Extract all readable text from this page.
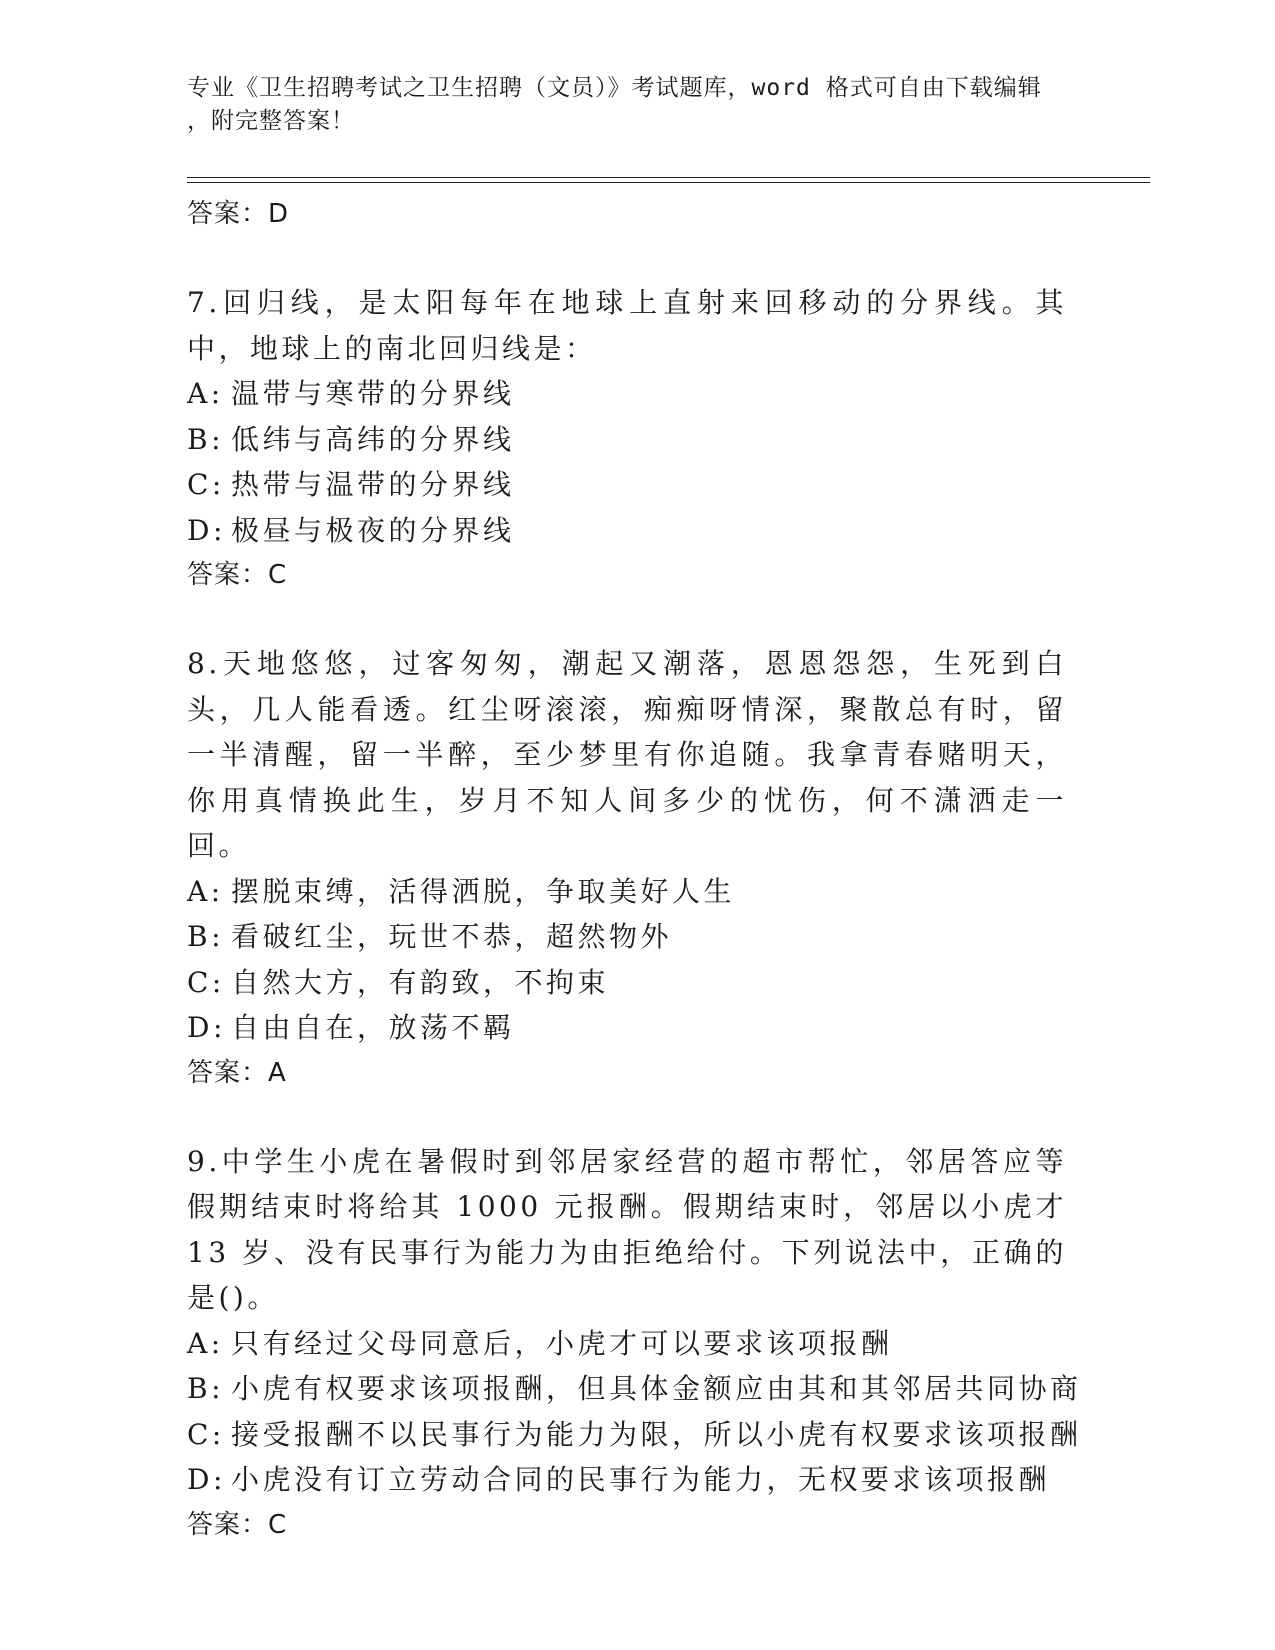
专业《卫生招聘考试之卫生招聘（文员）》考试题库，word 格式可自由下载编辑
，附完整答案！
答案：D
7.回归线，是太阳每年在地球上直射来回移动的分界线。其中，地球上的南北回归线是：
A: 温带与寒带的分界线
B: 低纬与高纬的分界线
C: 热带与温带的分界线
D: 极昼与极夜的分界线
答案：C
8.天地悠悠，过客匆匆，潮起又潮落，恩恩怨怨，生死到白头，几人能看透。红尘呀滚滚，痴痴呀情深，聚散总有时，留一半清醒，留一半醉，至少梦里有你追随。我拿青春赌明天，你用真情换此生，岁月不知人间多少的忧伤，何不潇洒走一回。
A: 摆脱束缚，活得洒脱，争取美好人生
B: 看破红尘，玩世不恭，超然物外
C: 自然大方，有韵致，不拘束
D: 自由自在，放荡不羁
答案：A
9.中学生小虎在暑假时到邻居家经营的超市帮忙，邻居答应等假期结束时将给其 1000 元报酬。假期结束时，邻居以小虎才 13 岁、没有民事行为能力为由拒绝给付。下列说法中，正确的是()。
A: 只有经过父母同意后，小虎才可以要求该项报酬
B: 小虎有权要求该项报酬，但具体金额应由其和其邻居共同协商
C: 接受报酬不以民事行为能力为限，所以小虎有权要求该项报酬
D: 小虎没有订立劳动合同的民事行为能力，无权要求该项报酬
答案：C
